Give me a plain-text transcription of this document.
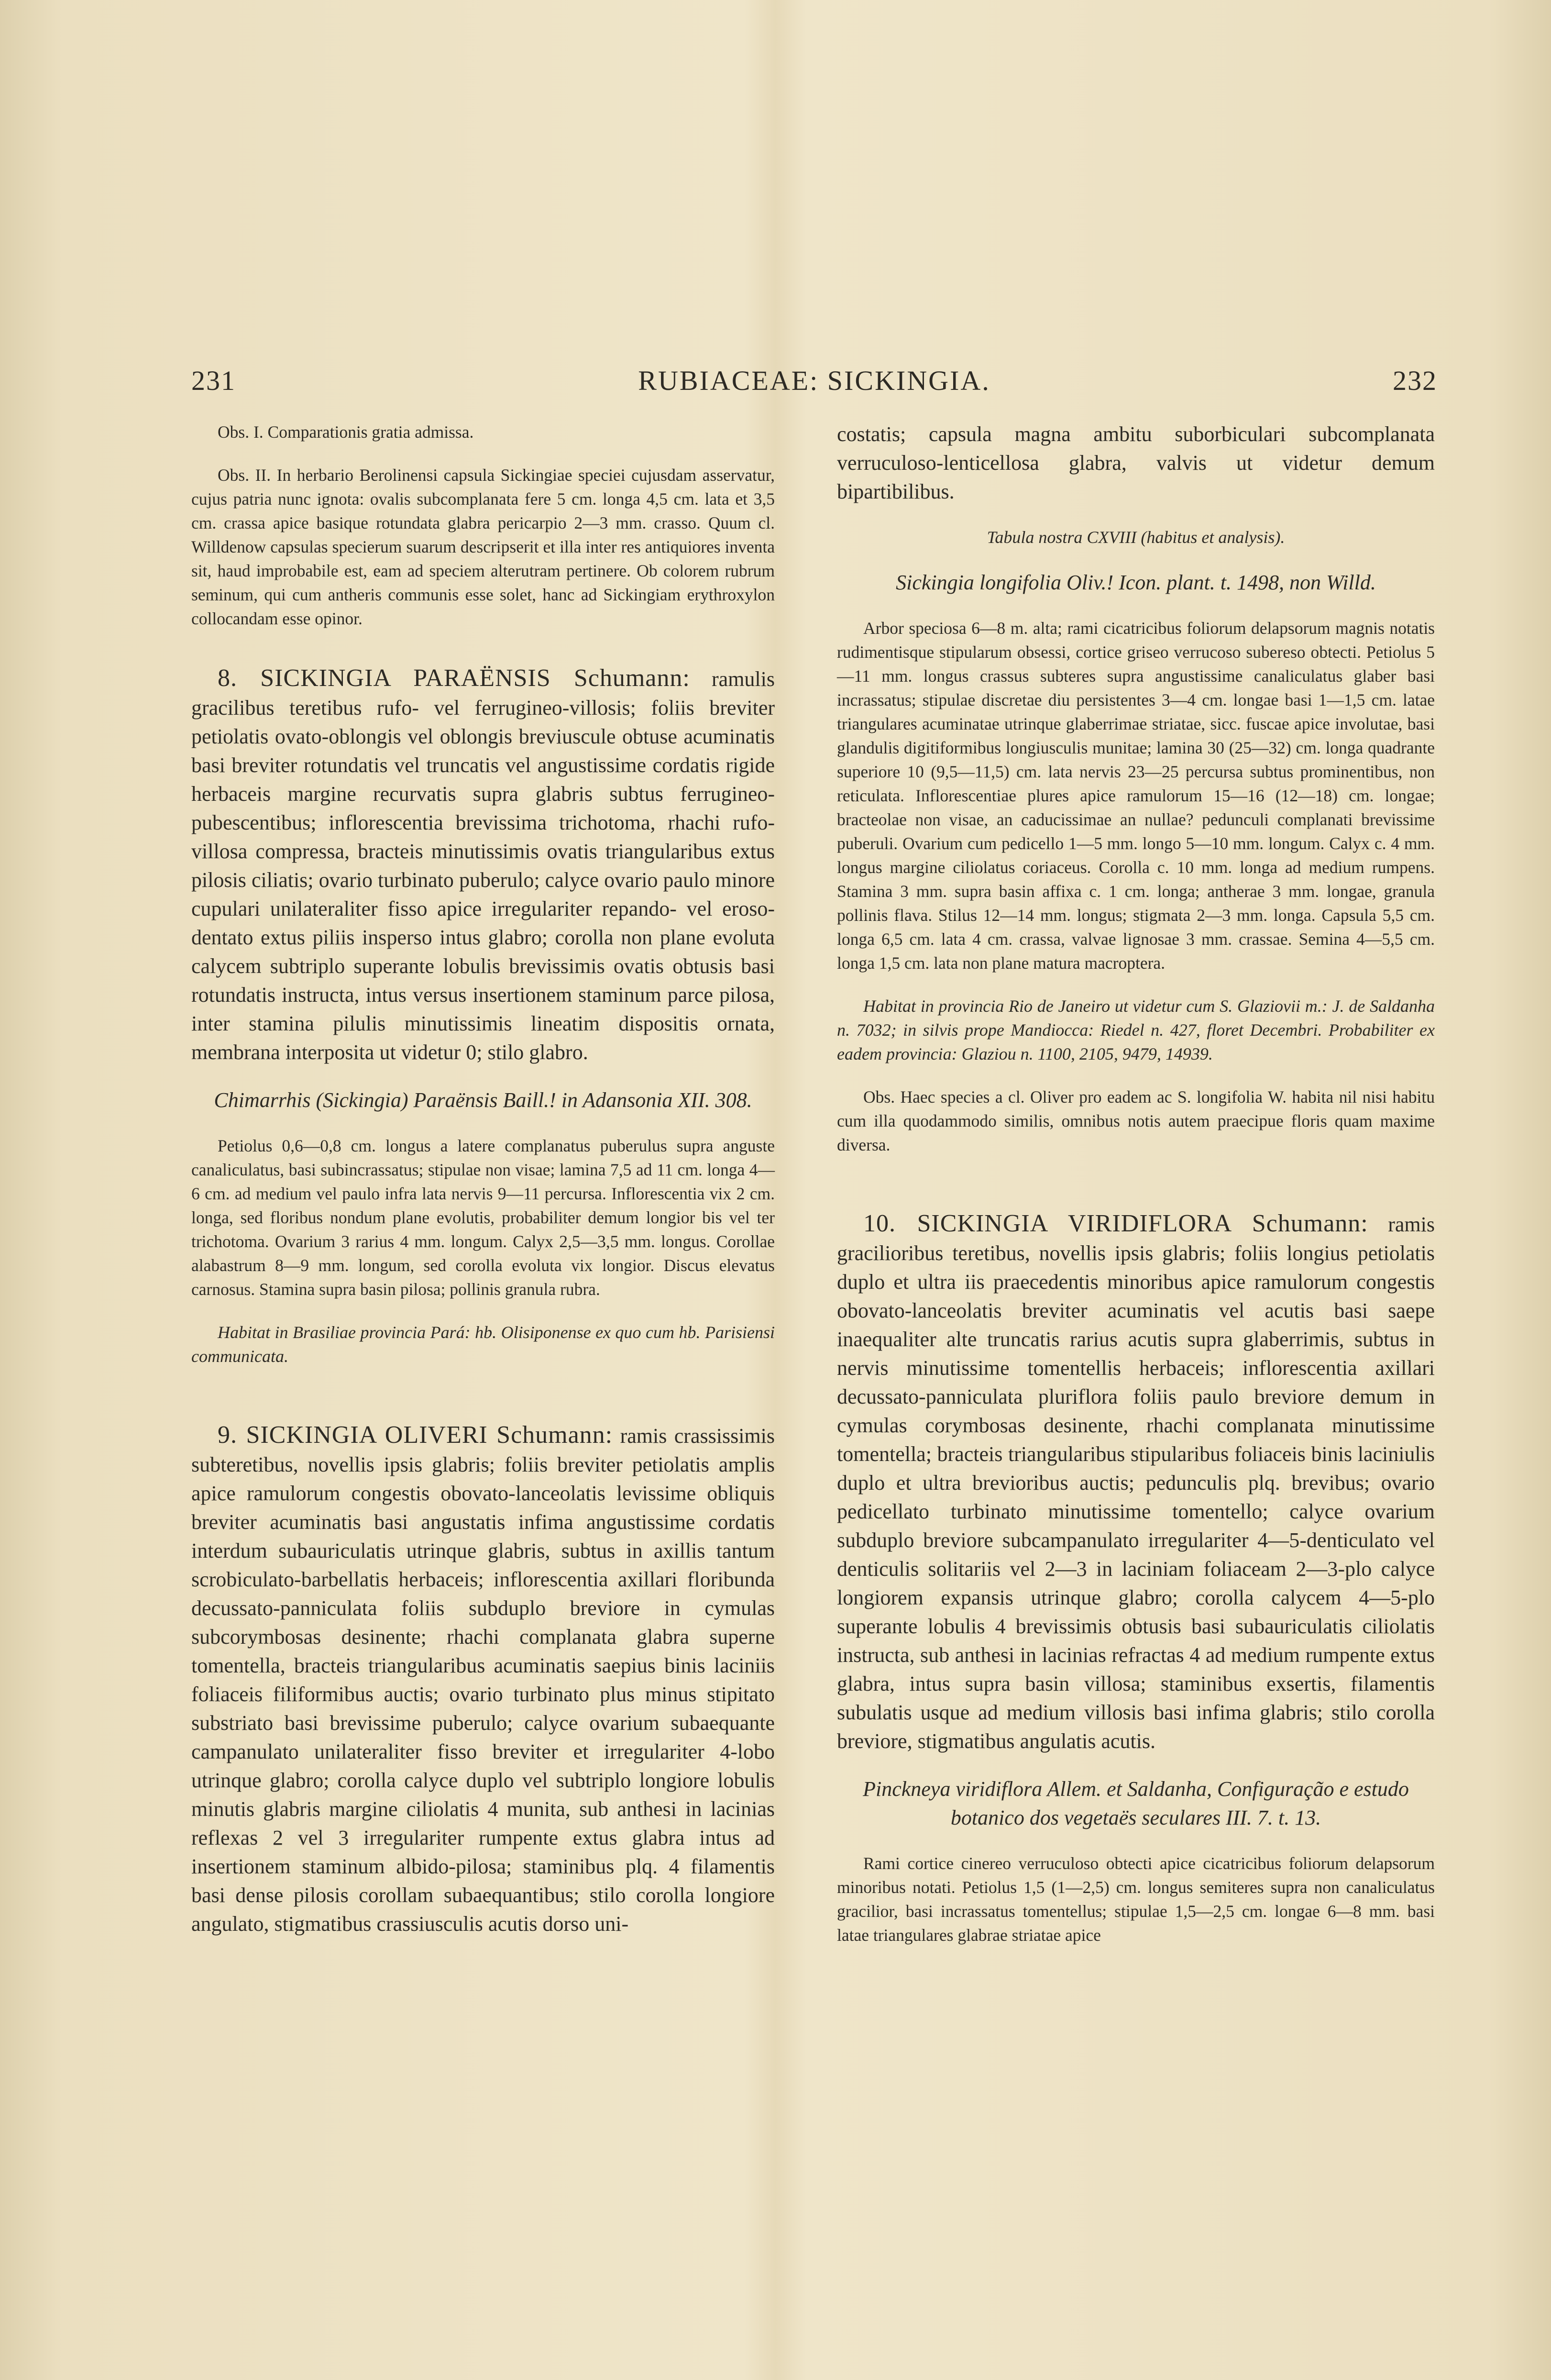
231	RUBIACEAE: SICKINGIA.	232

Obs. I. Comparationis gratia admissa.

Obs. II. In herbario Berolinensi capsula Sickingiae speciei cujusdam asservatur, cujus patria nunc ignota: ovalis subcomplanata fere 5 cm. longa 4,5 cm. lata et 3,5 cm. crassa apice basique rotundata glabra pericarpio 2—3 mm. crasso. Quum cl. Willdenow capsulas specierum suarum descripserit et illa inter res antiquiores inventa sit, haud improbabile est, eam ad speciem alterutram pertinere. Ob colorem rubrum seminum, qui cum antheris communis esse solet, hanc ad Sickingiam erythroxylon collocandam esse opinor.

8. SICKINGIA PARAËNSIS Schumann: ramulis gracilibus teretibus rufo- vel ferrugineo-villosis; foliis breviter petiolatis ovato-oblongis vel oblongis breviuscule obtuse acuminatis basi breviter rotundatis vel truncatis vel angustissime cordatis rigide herbaceis margine recurvatis supra glabris subtus ferrugineo-pubescentibus; inflorescentia brevissima trichotoma, rhachi rufo-villosa compressa, bracteis minutissimis ovatis triangularibus extus pilosis ciliatis; ovario turbinato puberulo; calyce ovario paulo minore cupulari unilateraliter fisso apice irregulariter repando- vel eroso-dentato extus piliis insperso intus glabro; corolla non plane evoluta calycem subtriplo superante lobulis brevissimis ovatis obtusis basi rotundatis instructa, intus versus insertionem staminum parce pilosa, inter stamina pilulis minutissimis lineatim dispositis ornata, membrana interposita ut videtur 0; stilo glabro.

Chimarrhis (Sickingia) Paraënsis Baill.! in Adansonia XII. 308.

Petiolus 0,6—0,8 cm. longus a latere complanatus puberulus supra anguste canaliculatus, basi subincrassatus; stipulae non visae; lamina 7,5 ad 11 cm. longa 4—6 cm. ad medium vel paulo infra lata nervis 9—11 percursa. Inflorescentia vix 2 cm. longa, sed floribus nondum plane evolutis, probabiliter demum longior bis vel ter trichotoma. Ovarium 3 rarius 4 mm. longum. Calyx 2,5—3,5 mm. longus. Corollae alabastrum 8—9 mm. longum, sed corolla evoluta vix longior. Discus elevatus carnosus. Stamina supra basin pilosa; pollinis granula rubra.

Habitat in Brasiliae provincia Pará: hb. Olisiponense ex quo cum hb. Parisiensi communicata.

9. SICKINGIA OLIVERI Schumann: ramis crassissimis subteretibus, novellis ipsis glabris; foliis breviter petiolatis amplis apice ramulorum congestis obovato-lanceolatis levissime obliquis breviter acuminatis basi angustatis infima angustissime cordatis interdum subauriculatis utrinque glabris, subtus in axillis tantum scrobiculato-barbellatis herbaceis; inflorescentia axillari floribunda decussato-panniculata foliis subduplo breviore in cymulas subcorymbosas desinente; rhachi complanata glabra superne tomentella, bracteis triangularibus acuminatis saepius binis laciniis foliaceis filiformibus auctis; ovario turbinato plus minus stipitato substriato basi brevissime puberulo; calyce ovarium subaequante campanulato unilateraliter fisso breviter et irregulariter 4-lobo utrinque glabro; corolla calyce duplo vel subtriplo longiore lobulis minutis glabris margine ciliolatis 4 munita, sub anthesi in lacinias reflexas 2 vel 3 irregulariter rumpente extus glabra intus ad insertionem staminum albido-pilosa; staminibus plq. 4 filamentis basi dense pilosis corollam subaequantibus; stilo corolla longiore angulato, stigmatibus crassiusculis acutis dorso uni-

costatis; capsula magna ambitu suborbiculari subcomplanata verruculoso-lenticellosa glabra, valvis ut videtur demum bipartibilibus.

Tabula nostra CXVIII (habitus et analysis).

Sickingia longifolia Oliv.! Icon. plant. t. 1498, non Willd.

Arbor speciosa 6—8 m. alta; rami cicatricibus foliorum delapsorum magnis notatis rudimentisque stipularum obsessi, cortice griseo verrucoso subereso obtecti. Petiolus 5—11 mm. longus crassus subteres supra angustissime canaliculatus glaber basi incrassatus; stipulae discretae diu persistentes 3—4 cm. longae basi 1—1,5 cm. latae triangulares acuminatae utrinque glaberrimae striatae, sicc. fuscae apice involutae, basi glandulis digitiformibus longiusculis munitae; lamina 30 (25—32) cm. longa quadrante superiore 10 (9,5—11,5) cm. lata nervis 23—25 percursa subtus prominentibus, non reticulata. Inflorescentiae plures apice ramulorum 15—16 (12—18) cm. longae; bracteolae non visae, an caducissimae an nullae? pedunculi complanati brevissime puberuli. Ovarium cum pedicello 1—5 mm. longo 5—10 mm. longum. Calyx c. 4 mm. longus margine ciliolatus coriaceus. Corolla c. 10 mm. longa ad medium rumpens. Stamina 3 mm. supra basin affixa c. 1 cm. longa; antherae 3 mm. longae, granula pollinis flava. Stilus 12—14 mm. longus; stigmata 2—3 mm. longa. Capsula 5,5 cm. longa 6,5 cm. lata 4 cm. crassa, valvae lignosae 3 mm. crassae. Semina 4—5,5 cm. longa 1,5 cm. lata non plane matura macroptera.

Habitat in provincia Rio de Janeiro ut videtur cum S. Glaziovii m.: J. de Saldanha n. 7032; in silvis prope Mandiocca: Riedel n. 427, floret Decembri. Probabiliter ex eadem provincia: Glaziou n. 1100, 2105, 9479, 14939.

Obs. Haec species a cl. Oliver pro eadem ac S. longifolia W. habita nil nisi habitu cum illa quodammodo similis, omnibus notis autem praecipue floris quam maxime diversa.

10. SICKINGIA VIRIDIFLORA Schumann: ramis gracilioribus teretibus, novellis ipsis glabris; foliis longius petiolatis duplo et ultra iis praecedentis minoribus apice ramulorum congestis obovato-lanceolatis breviter acuminatis vel acutis basi saepe inaequaliter alte truncatis rarius acutis supra glaberrimis, subtus in nervis minutissime tomentellis herbaceis; inflorescentia axillari decussato-panniculata pluriflora foliis paulo breviore demum in cymulas corymbosas desinente, rhachi complanata minutissime tomentella; bracteis triangularibus stipularibus foliaceis binis laciniulis duplo et ultra brevioribus auctis; pedunculis plq. brevibus; ovario pedicellato turbinato minutissime tomentello; calyce ovarium subduplo breviore subcampanulato irregulariter 4—5-denticulato vel denticulis solitariis vel 2—3 in laciniam foliaceam 2—3-plo calyce longiorem expansis utrinque glabro; corolla calycem 4—5-plo superante lobulis 4 brevissimis obtusis basi subauriculatis ciliolatis instructa, sub anthesi in lacinias refractas 4 ad medium rumpente extus glabra, intus supra basin villosa; staminibus exsertis, filamentis subulatis usque ad medium villosis basi infima glabris; stilo corolla breviore, stigmatibus angulatis acutis.

Pinckneya viridiflora Allem. et Saldanha, Configuração e estudo botanico dos vegetaës seculares III. 7. t. 13.

Rami cortice cinereo verruculoso obtecti apice cicatricibus foliorum delapsorum minoribus notati. Petiolus 1,5 (1—2,5) cm. longus semiteres supra non canaliculatus gracilior, basi incrassatus tomentellus; stipulae 1,5—2,5 cm. longae 6—8 mm. basi latae triangulares glabrae striatae apice
